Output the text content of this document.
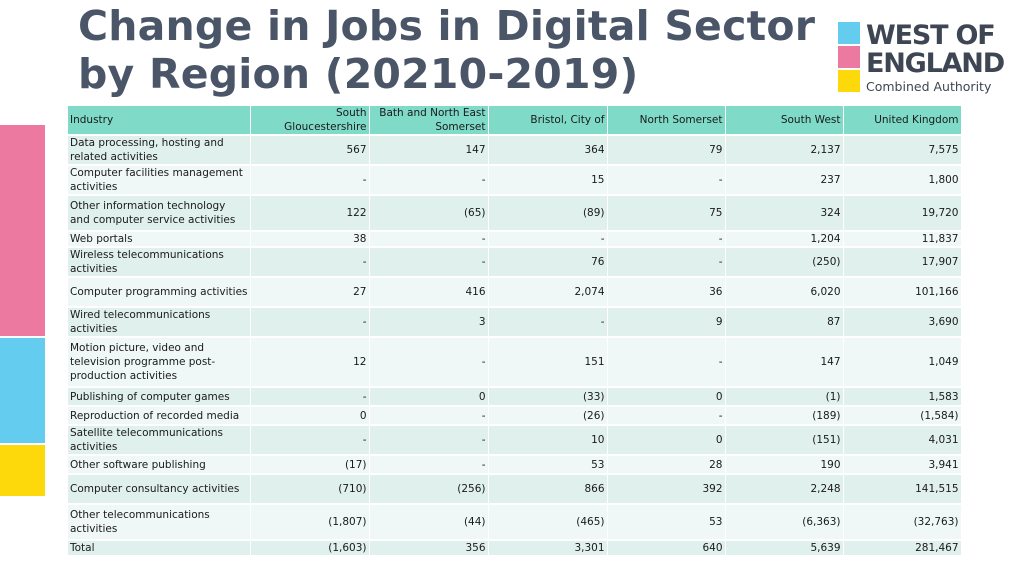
Change in Jobs in Digital Sector by Region (20210-2019)
WEST OF
ENGLAND
Combined Authority
Industry	South Gloucestershire	Bath and North East Somerset	Bristol, City of	North Somerset	South West	United Kingdom
Data processing, hosting and related activities	567	147	364	79	2,137	7,575
Computer facilities management activities	-	-	15	-	237	1,800
Other information technology and computer service activities	122	(65)	(89)	75	324	19,720
Web portals	38	-	-	-	1,204	11,837
Wireless telecommunications activities	-	-	76	-	(250)	17,907
Computer programming activities	27	416	2,074	36	6,020	101,166
Wired telecommunications activities	-	3	-	9	87	3,690
Motion picture, video and television programme post-production activities	12	-	151	-	147	1,049
Publishing of computer games	-	0	(33)	0	(1)	1,583
Reproduction of recorded media	0	-	(26)	-	(189)	(1,584)
Satellite telecommunications activities	-	-	10	0	(151)	4,031
Other software publishing	(17)	-	53	28	190	3,941
Computer consultancy activities	(710)	(256)	866	392	2,248	141,515
Other telecommunications activities	(1,807)	(44)	(465)	53	(6,363)	(32,763)
Total	(1,603)	356	3,301	640	5,639	281,467
